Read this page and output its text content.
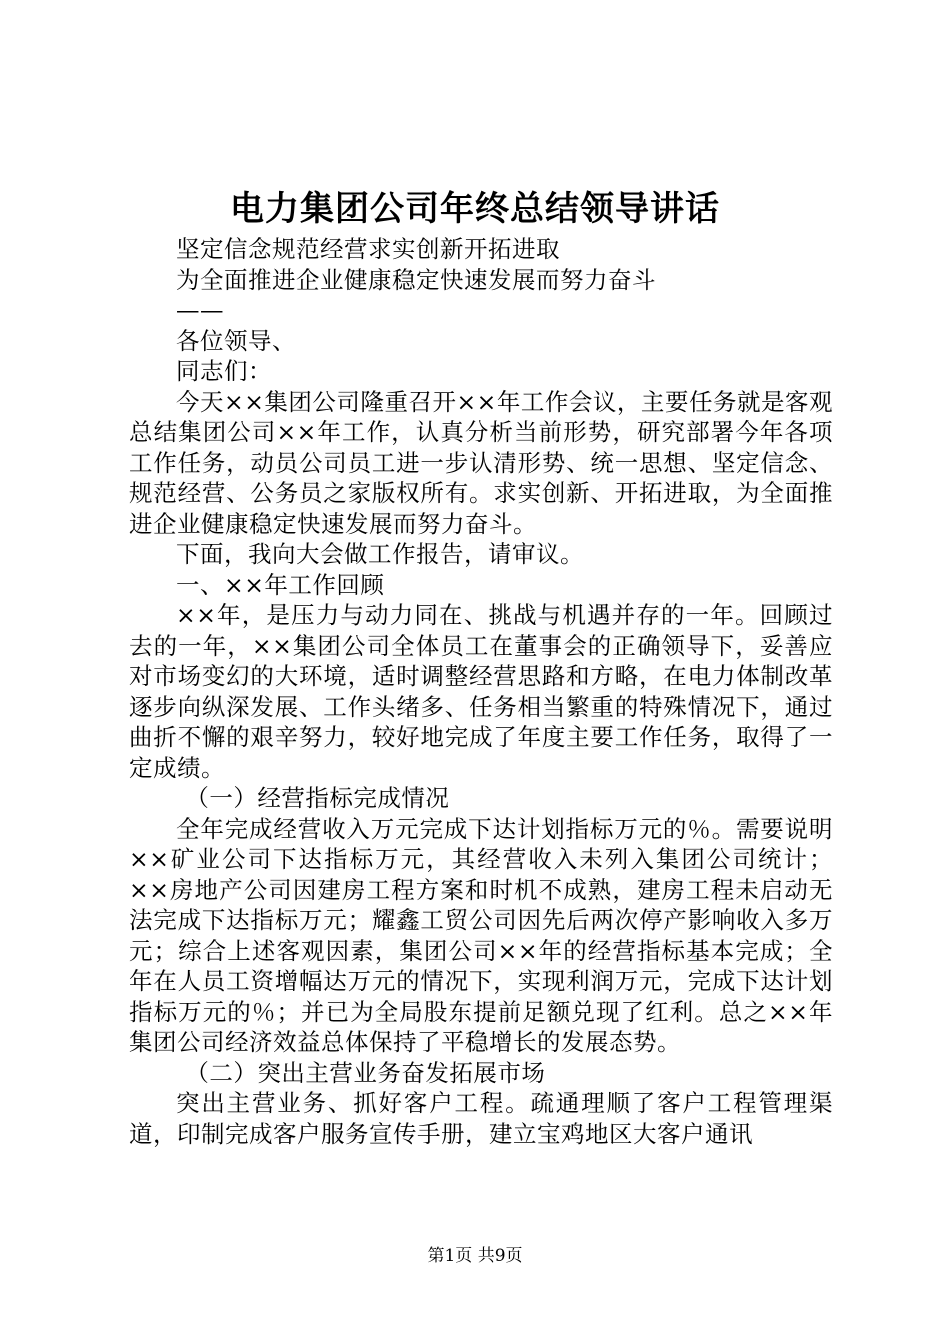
电力集团公司年终总结领导讲话

坚定信念规范经营求实创新开拓进取

为全面推进企业健康稳定快速发展而努力奋斗

——

各位领导、

同志们：

今天××集团公司隆重召开××年工作会议，主要任务就是客观总结集团公司××年工作，认真分析当前形势，研究部署今年各项工作任务，动员公司员工进一步认清形势、统一思想、坚定信念、规范经营、公务员之家版权所有。求实创新、开拓进取，为全面推进企业健康稳定快速发展而努力奋斗。

下面，我向大会做工作报告，请审议。

一、××年工作回顾

××年，是压力与动力同在、挑战与机遇并存的一年。回顾过去的一年，××集团公司全体员工在董事会的正确领导下，妥善应对市场变幻的大环境，适时调整经营思路和方略，在电力体制改革逐步向纵深发展、工作头绪多、任务相当繁重的特殊情况下，通过曲折不懈的艰辛努力，较好地完成了年度主要工作任务，取得了一定成绩。

（一）经营指标完成情况

全年完成经营收入万元完成下达计划指标万元的％。需要说明××矿业公司下达指标万元，其经营收入未列入集团公司统计；××房地产公司因建房工程方案和时机不成熟，建房工程未启动无法完成下达指标万元；耀鑫工贸公司因先后两次停产影响收入多万元；综合上述客观因素，集团公司××年的经营指标基本完成；全年在人员工资增幅达万元的情况下，实现利润万元，完成下达计划指标万元的％；并已为全局股东提前足额兑现了红利。总之××年集团公司经济效益总体保持了平稳增长的发展态势。

（二）突出主营业务奋发拓展市场

突出主营业务、抓好客户工程。疏通理顺了客户工程管理渠道，印制完成客户服务宣传手册，建立宝鸡地区大客户通讯

第1页 共9页
